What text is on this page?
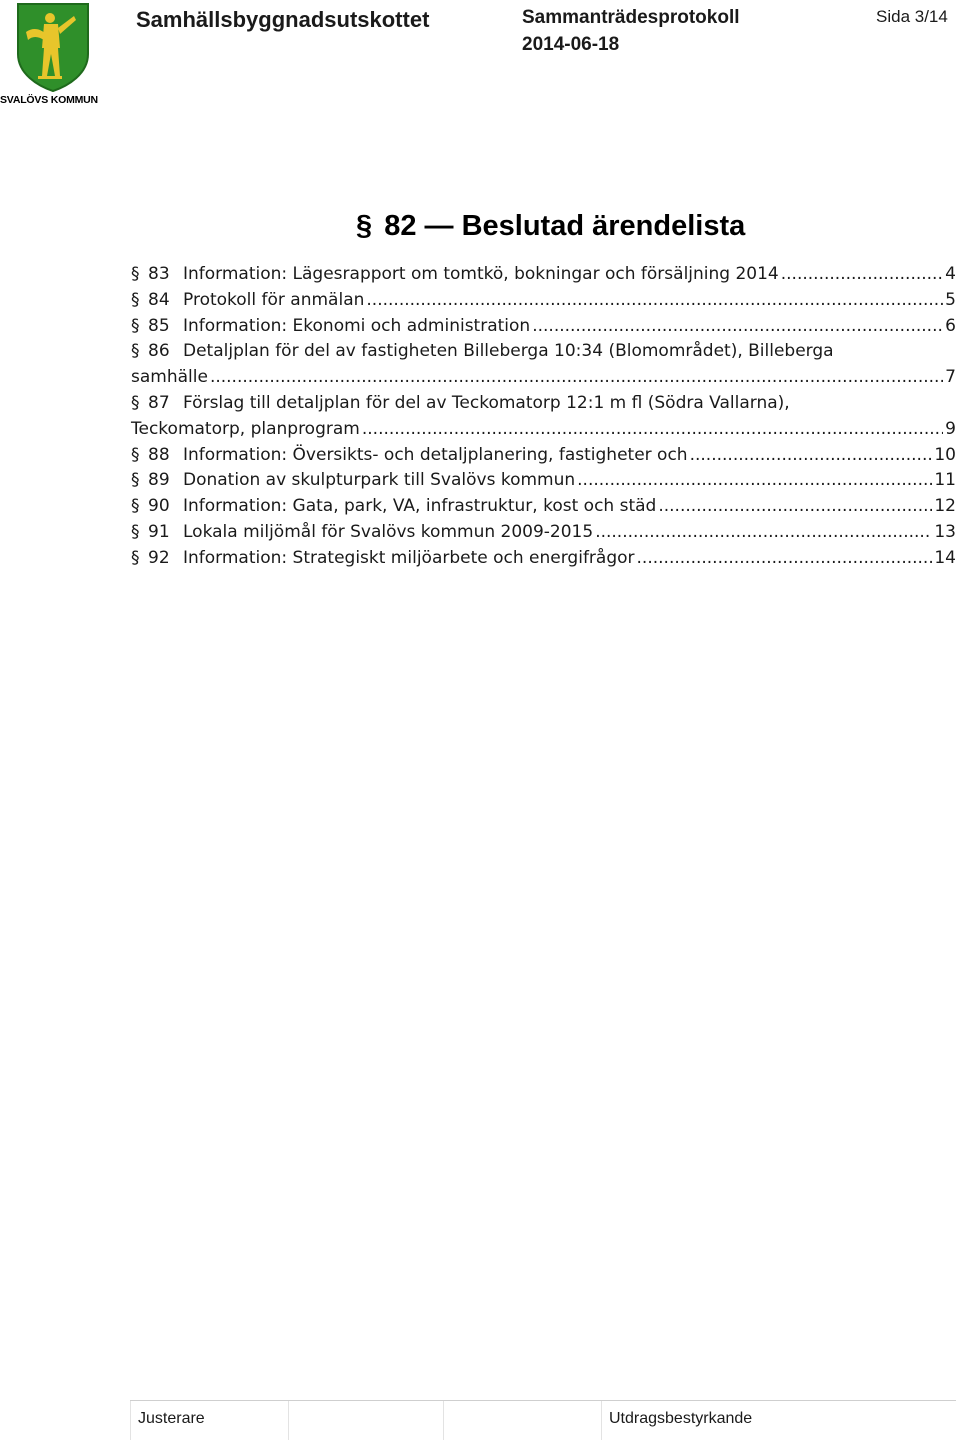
SVALÖVS KOMMUN
Samhällsbyggnadsutskottet	Sammanträdesprotokoll
2014-06-18
Sida 3/14
§ 82 — Beslutad ärendelista
§ 83 Information: Lägesrapport om tomtkö, bokningar och försäljning 2014 .....	4
§ 84 Protokoll för anmälan .....	5
§ 85 Information: Ekonomi och administration .....	6
§ 86 Detaljplan för del av fastigheten Billeberga 10:34 (Blomområdet), Billeberga
samhälle .....	7
§ 87 Förslag till detaljplan för del av Teckomatorp 12:1 m fl (Södra Vallarna),
Teckomatorp, planprogram .....	9
§ 88 Information: Översikts- och detaljplanering, fastigheter och .....	10
§ 89 Donation av skulpturpark till Svalövs kommun .....	11
§ 90 Information: Gata, park, VA, infrastruktur, kost och städ .....	12
§ 91 Lokala miljömål för Svalövs kommun 2009-2015 .....	13
§ 92 Information: Strategiskt miljöarbete och energifrågor .....	14
Justerare	Utdragsbestyrkande
